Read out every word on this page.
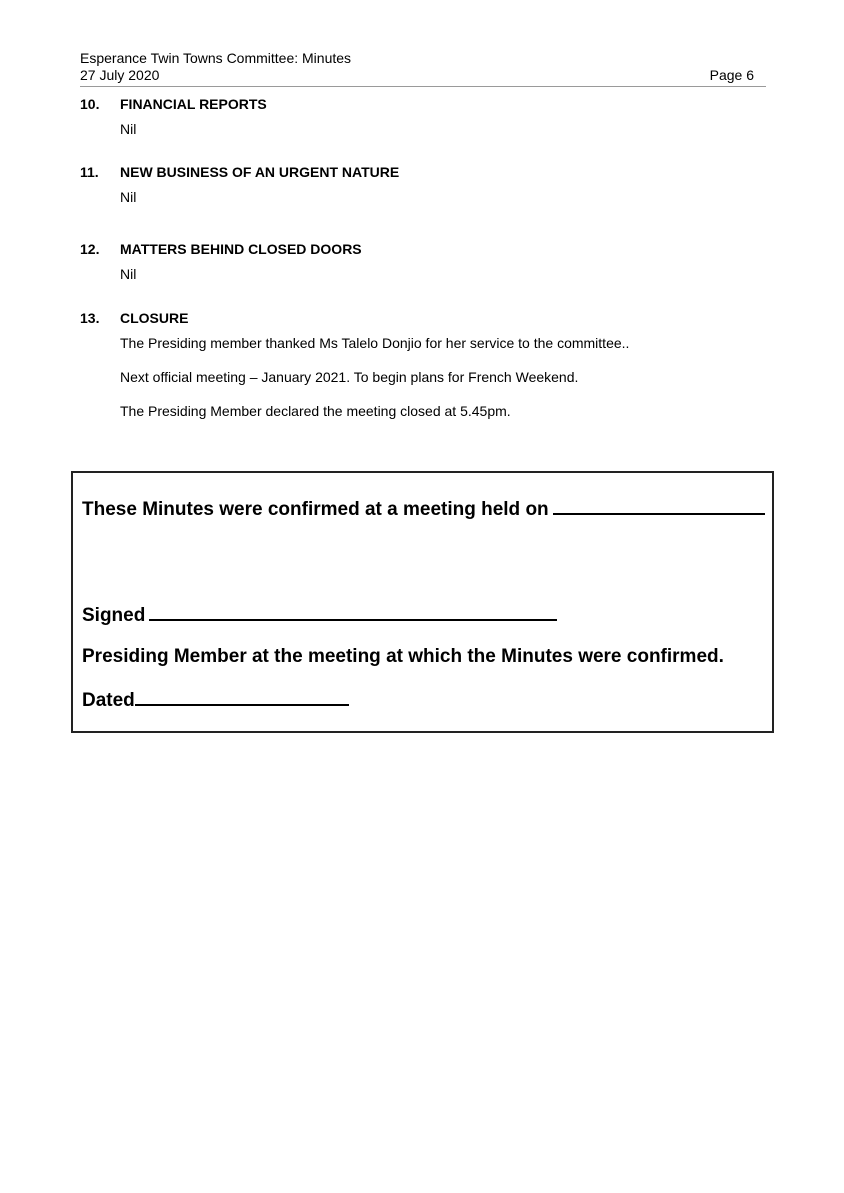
Esperance Twin Towns Committee: Minutes
27 July 2020	Page 6
10. FINANCIAL REPORTS
Nil
11. NEW BUSINESS OF AN URGENT NATURE
Nil
12. MATTERS BEHIND CLOSED DOORS
Nil
13. CLOSURE
The Presiding member thanked Ms Talelo Donjio for her service to the committee..
Next official meeting – January 2021. To begin plans for French Weekend.
The Presiding Member declared the meeting closed at 5.45pm.
These Minutes were confirmed at a meeting held on
Signed
Presiding Member at the meeting at which the Minutes were confirmed.
Dated
